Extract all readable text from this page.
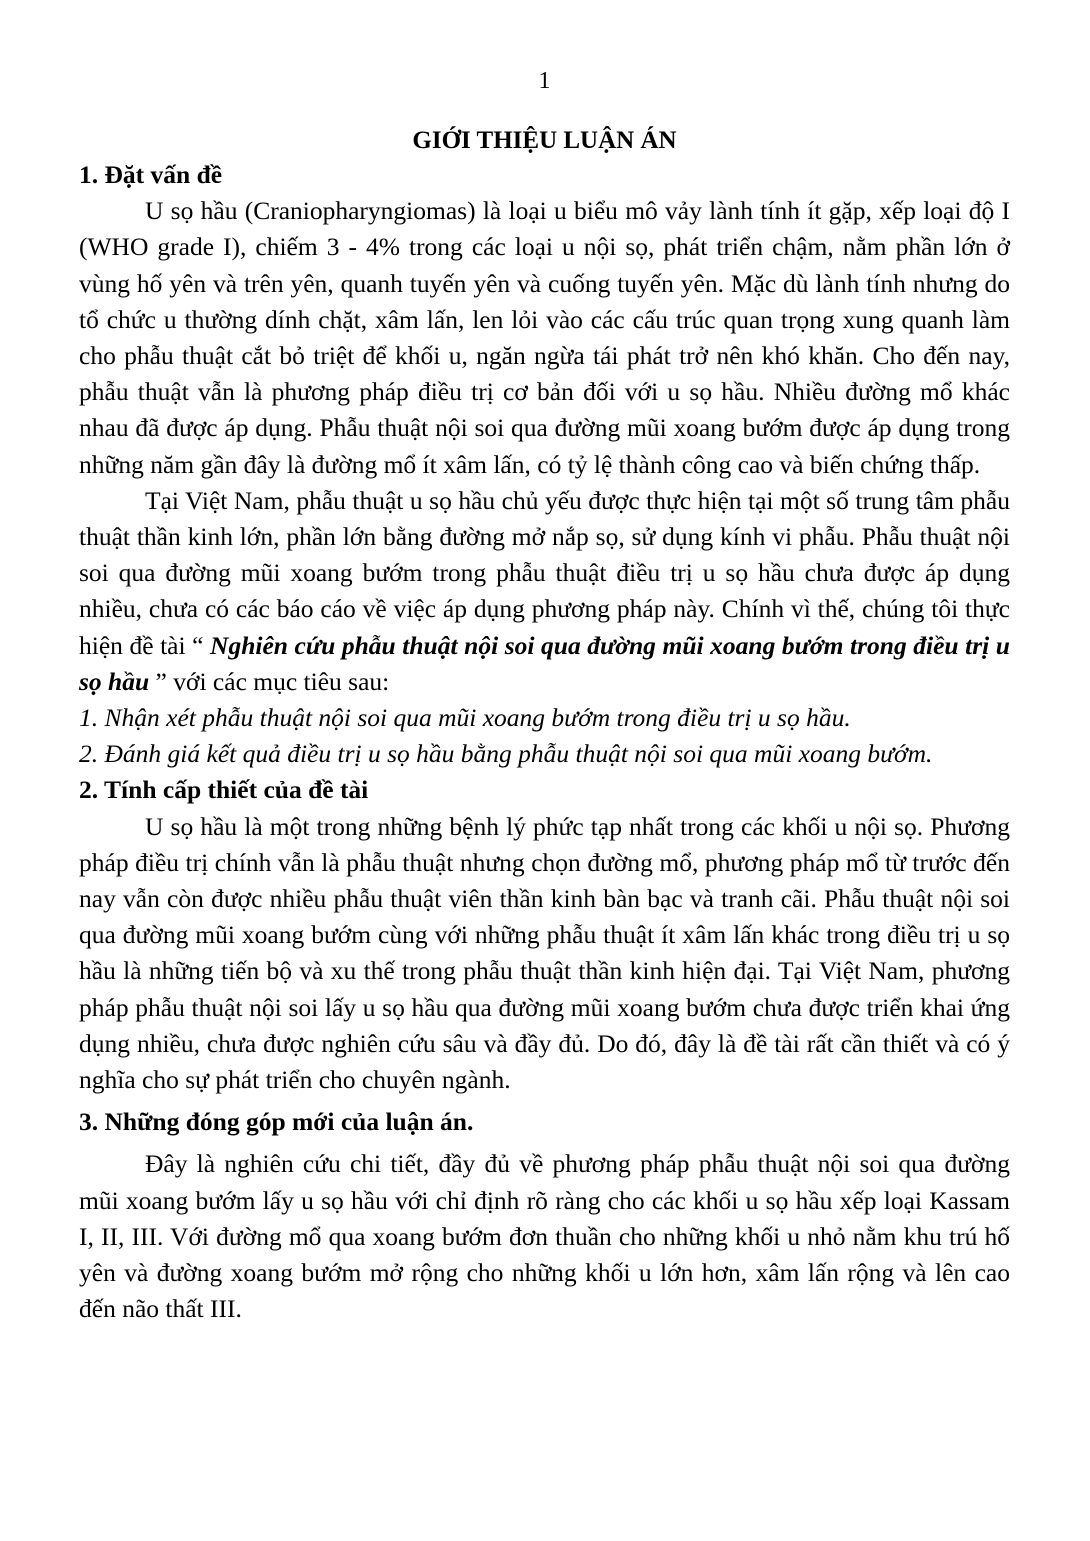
1
GIỚI THIỆU LUẬN ÁN
1. Đặt vấn đề

U sọ hầu (Craniopharyngiomas) là loại u biểu mô vảy lành tính ít gặp, xếp loại độ I (WHO grade I), chiếm 3 - 4% trong các loại u nội sọ, phát triển chậm, nằm phần lớn ở vùng hố yên và trên yên, quanh tuyến yên và cuống tuyến yên. Mặc dù lành tính nhưng do tổ chức u thường dính chặt, xâm lấn, len lỏi vào các cấu trúc quan trọng xung quanh làm cho phẫu thuật cắt bỏ triệt để khối u, ngăn ngừa tái phát trở nên khó khăn. Cho đến nay, phẫu thuật vẫn là phương pháp điều trị cơ bản đối với u sọ hầu. Nhiều đường mổ khác nhau đã được áp dụng. Phẫu thuật nội soi qua đường mũi xoang bướm được áp dụng trong những năm gần đây là đường mổ ít xâm lấn, có tỷ lệ thành công cao và biến chứng thấp.

Tại Việt Nam, phẫu thuật u sọ hầu chủ yếu được thực hiện tại một số trung tâm phẫu thuật thần kinh lớn, phần lớn bằng đường mở nắp sọ, sử dụng kính vi phẫu. Phẫu thuật nội soi qua đường mũi xoang bướm trong phẫu thuật điều trị u sọ hầu chưa được áp dụng nhiều, chưa có các báo cáo về việc áp dụng phương pháp này. Chính vì thế, chúng tôi thực hiện đề tài “ Nghiên cứu phẫu thuật nội soi qua đường mũi xoang bướm trong điều trị u sọ hầu ” với các mục tiêu sau:

1. Nhận xét phẫu thuật nội soi qua mũi xoang bướm trong điều trị u sọ hầu.

2. Đánh giá kết quả điều trị u sọ hầu bằng phẫu thuật nội soi qua mũi xoang bướm.

2. Tính cấp thiết của đề tài

U sọ hầu là một trong những bệnh lý phức tạp nhất trong các khối u nội sọ. Phương pháp điều trị chính vẫn là phẫu thuật nhưng chọn đường mổ, phương pháp mổ từ trước đến nay vẫn còn được nhiều phẫu thuật viên thần kinh bàn bạc và tranh cãi. Phẫu thuật nội soi qua đường mũi xoang bướm cùng với những phẫu thuật ít xâm lấn khác trong điều trị u sọ hầu là những tiến bộ và xu thế trong phẫu thuật thần kinh hiện đại. Tại Việt Nam, phương pháp phẫu thuật nội soi lấy u sọ hầu qua đường mũi xoang bướm chưa được triển khai ứng dụng nhiều, chưa được nghiên cứu sâu và đầy đủ. Do đó, đây là đề tài rất cần thiết và có ý nghĩa cho sự phát triển cho chuyên ngành.

3. Những đóng góp mới của luận án.

Đây là nghiên cứu chi tiết, đầy đủ về phương pháp phẫu thuật nội soi qua đường mũi xoang bướm lấy u sọ hầu với chỉ định rõ ràng cho các khối u sọ hầu xếp loại Kassam I, II, III. Với đường mổ qua xoang bướm đơn thuần cho những khối u nhỏ nằm khu trú hố yên và đường xoang bướm mở rộng cho những khối u lớn hơn, xâm lấn rộng và lên cao đến não thất III.
